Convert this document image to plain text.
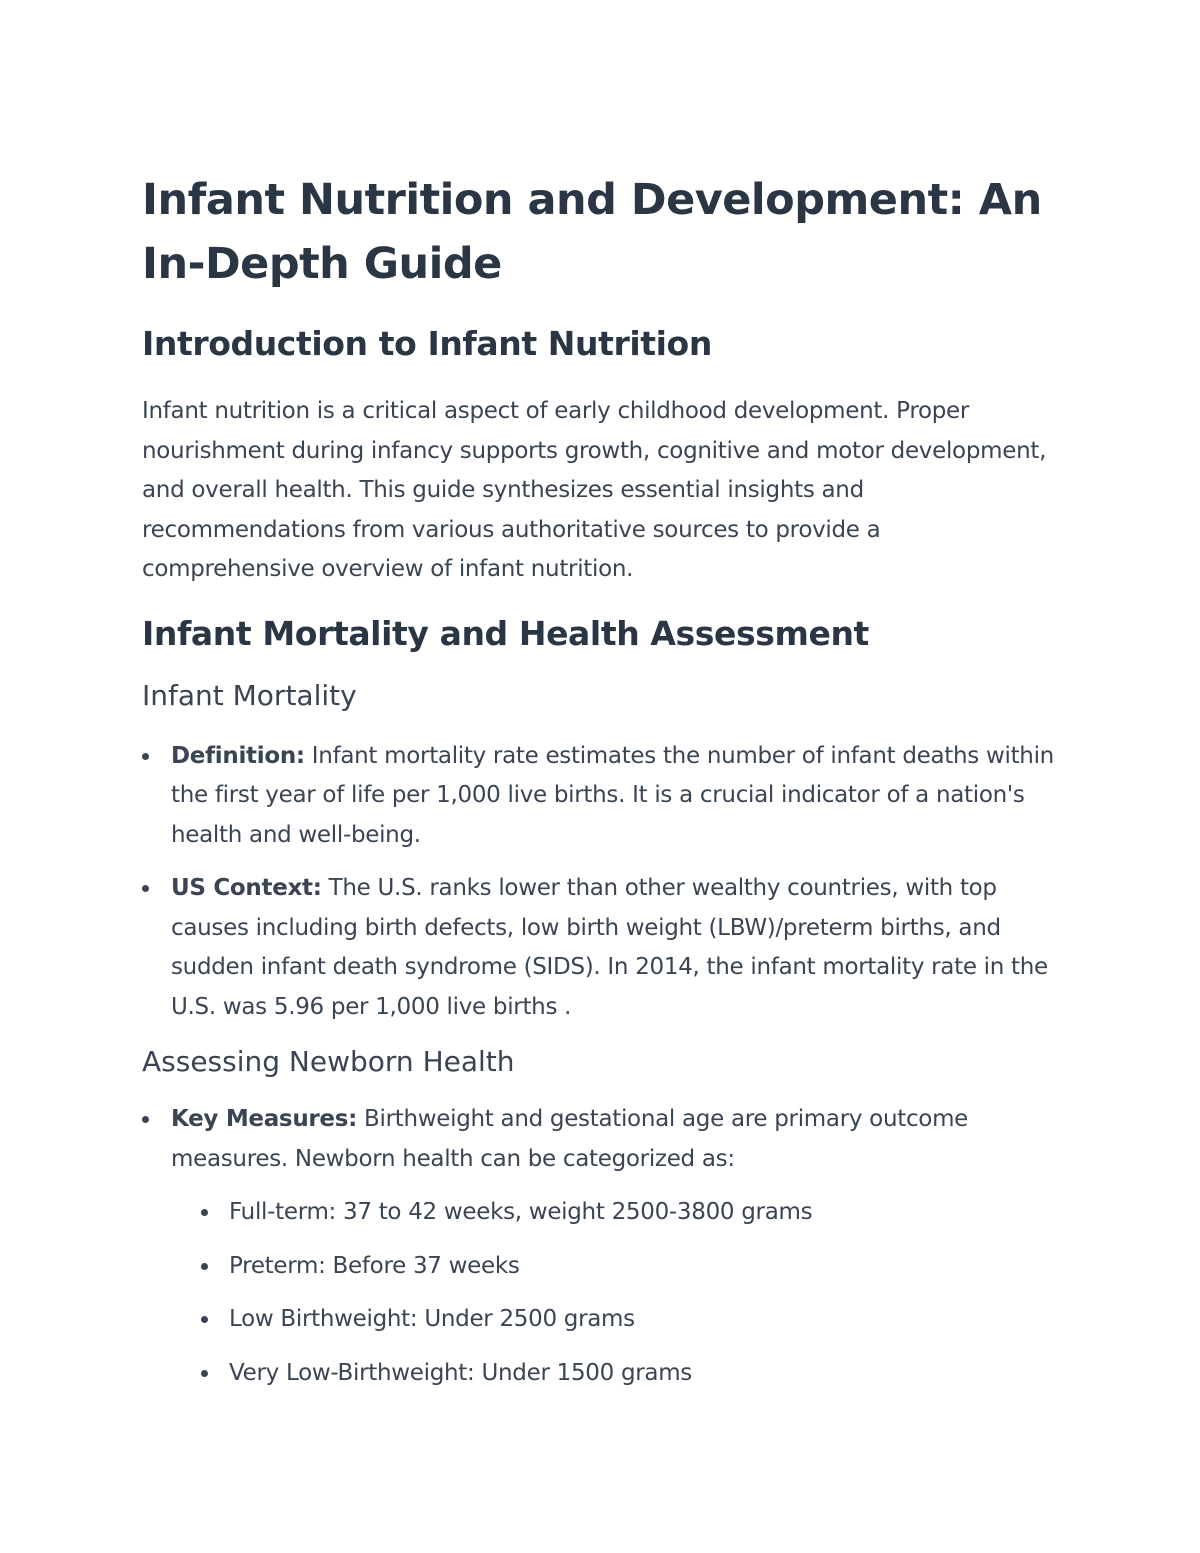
Infant Nutrition and Development: An In-Depth Guide
Introduction to Infant Nutrition

Infant nutrition is a critical aspect of early childhood development. Proper nourishment during infancy supports growth, cognitive and motor development, and overall health. This guide synthesizes essential insights and recommendations from various authoritative sources to provide a comprehensive overview of infant nutrition.

Infant Mortality and Health Assessment
Infant Mortality
Definition: Infant mortality rate estimates the number of infant deaths within the first year of life per 1,000 live births. It is a crucial indicator of a nation's health and well-being.
US Context: The U.S. ranks lower than other wealthy countries, with top causes including birth defects, low birth weight (LBW)/preterm births, and sudden infant death syndrome (SIDS). In 2014, the infant mortality rate in the U.S. was 5.96 per 1,000 live births .
Assessing Newborn Health
Key Measures: Birthweight and gestational age are primary outcome measures. Newborn health can be categorized as:
Full-term: 37 to 42 weeks, weight 2500-3800 grams
Preterm: Before 37 weeks
Low Birthweight: Under 2500 grams
Very Low-Birthweight: Under 1500 grams
